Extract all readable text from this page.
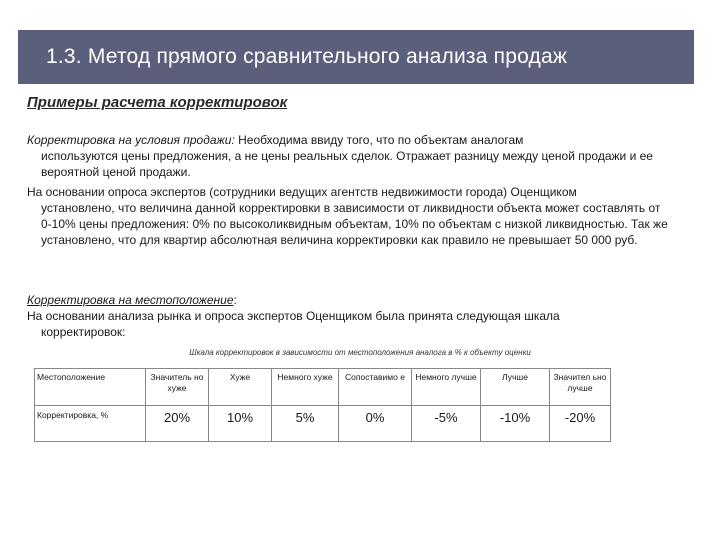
1.3. Метод прямого сравнительного анализа продаж
Примеры расчета корректировок
Корректировка на условия продажи: Необходима ввиду того, что по объектам аналогам
используются цены предложения, а не цены реальных сделок. Отражает разницу между ценой продажи и ее вероятной ценой продажи.
На основании опроса экспертов (сотрудники ведущих агентств недвижимости города) Оценщиком
установлено, что величина данной корректировки в зависимости от ликвидности объекта может составлять от 0-10% цены предложения: 0% по высоколиквидным объектам, 10% по объектам с низкой ликвидностью. Так же установлено, что для квартир абсолютная величина корректировки как правило не превышает 50 000 руб.
Корректировка на местоположение:
На основании анализа рынка и опроса экспертов Оценщиком была принята следующая шкала
корректировок:
Шкала корректировок в зависимости от местоположения аналога в % к объекту оценки
Местоположение	Значитель но хуже	Хуже	Немного хуже	Сопоставимо е	Немного лучше	Лучше	Значител ьно лучше
Корректировка, %	20%	10%	5%	0%	-5%	-10%	-20%
